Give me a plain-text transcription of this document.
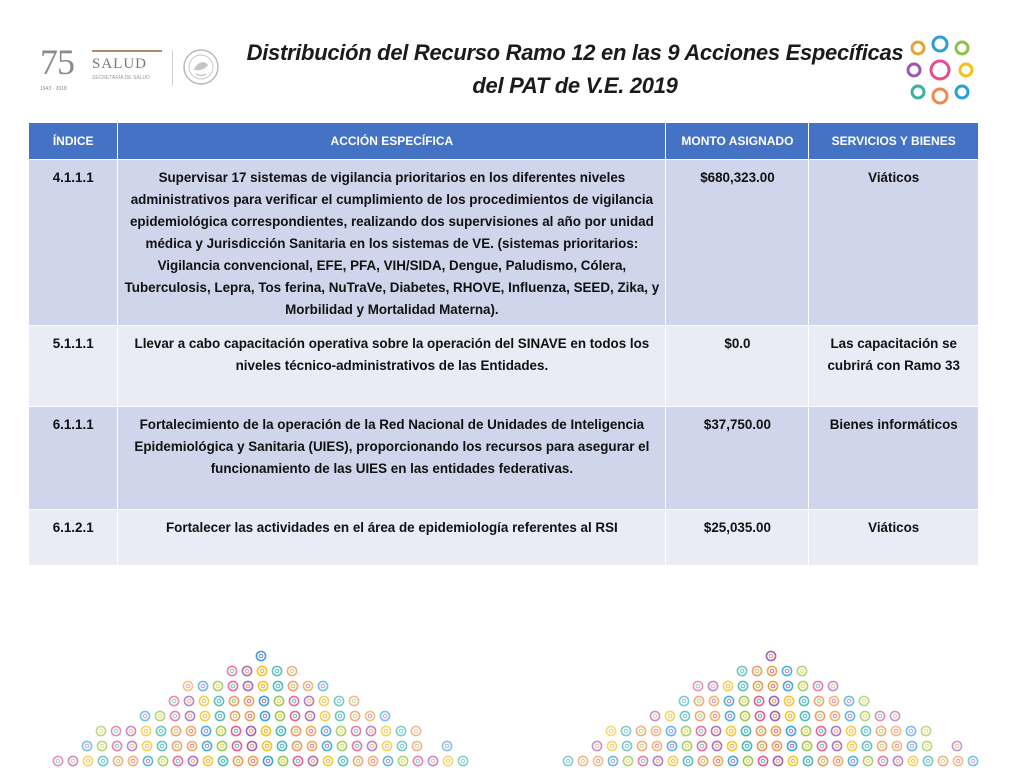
75
1943 - 2018
SALUD
SECRETARÍA DE SALUD
Distribución del Recurso Ramo 12 en las 9 Acciones Específicas
del PAT de V.E. 2019
ÍNDICE	ACCIÓN ESPECÍFICA	MONTO ASIGNADO	SERVICIOS Y BIENES
4.1.1.1	Supervisar 17 sistemas de vigilancia prioritarios en los diferentes niveles administrativos para verificar el cumplimiento de los procedimientos de vigilancia epidemiológica correspondientes, realizando dos supervisiones al año por unidad médica y Jurisdicción Sanitaria en los sistemas de VE. (sistemas prioritarios: Vigilancia convencional, EFE, PFA, VIH/SIDA, Dengue, Paludismo, Cólera, Tuberculosis, Lepra, Tos ferina, NuTraVe, Diabetes, RHOVE, Influenza, SEED, Zika, y Morbilidad y Mortalidad Materna).	$680,323.00	Viáticos
5.1.1.1	Llevar a cabo capacitación operativa sobre la operación del SINAVE en todos los niveles técnico-administrativos de las Entidades.	$0.0	Las capacitación se cubrirá con Ramo 33
6.1.1.1	Fortalecimiento de la operación de la Red Nacional de Unidades de Inteligencia Epidemiológica y Sanitaria (UIES), proporcionando los recursos para asegurar el funcionamiento de las UIES en las entidades federativas.	$37,750.00	Bienes informáticos
6.1.2.1	Fortalecer las actividades en el área de epidemiología referentes al RSI	$25,035.00	Viáticos
